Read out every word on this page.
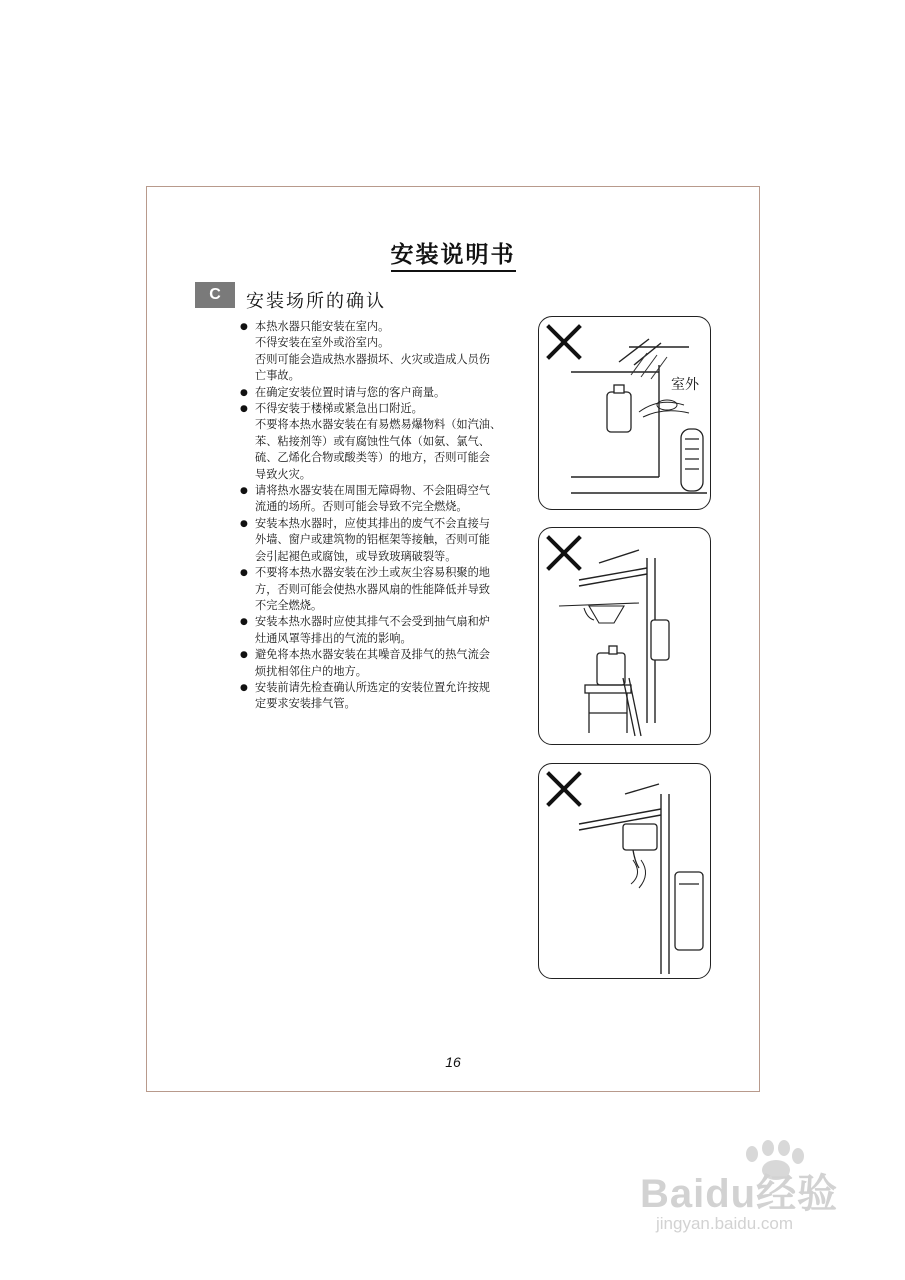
安装说明书
C	安装场所的确认
● 本热水器只能安装在室内。
不得安装在室外或浴室内。
否则可能会造成热水器损坏、火灾或造成人员伤
亡事故。
● 在确定安装位置时请与您的客户商量。
● 不得安装于楼梯或紧急出口附近。
不要将本热水器安装在有易燃易爆物料（如汽油、
苯、粘接剂等）或有腐蚀性气体（如氨、氯气、
硫、乙烯化合物或酸类等）的地方，否则可能会
导致火灾。
● 请将热水器安装在周围无障碍物、不会阻碍空气
流通的场所。否则可能会导致不完全燃烧。
● 安装本热水器时，应使其排出的废气不会直接与
外墙、窗户或建筑物的铝框架等接触，否则可能
会引起褪色或腐蚀，或导致玻璃破裂等。
● 不要将本热水器安装在沙土或灰尘容易积聚的地
方，否则可能会使热水器风扇的性能降低并导致
不完全燃烧。
● 安装本热水器时应使其排气不会受到抽气扇和炉
灶通风罩等排出的气流的影响。
● 避免将本热水器安装在其噪音及排气的热气流会
烦扰相邻住户的地方。
● 安装前请先检查确认所选定的安装位置允许按规
定要求安装排气管。
室外
16
Baidu经验
jingyan.baidu.com
